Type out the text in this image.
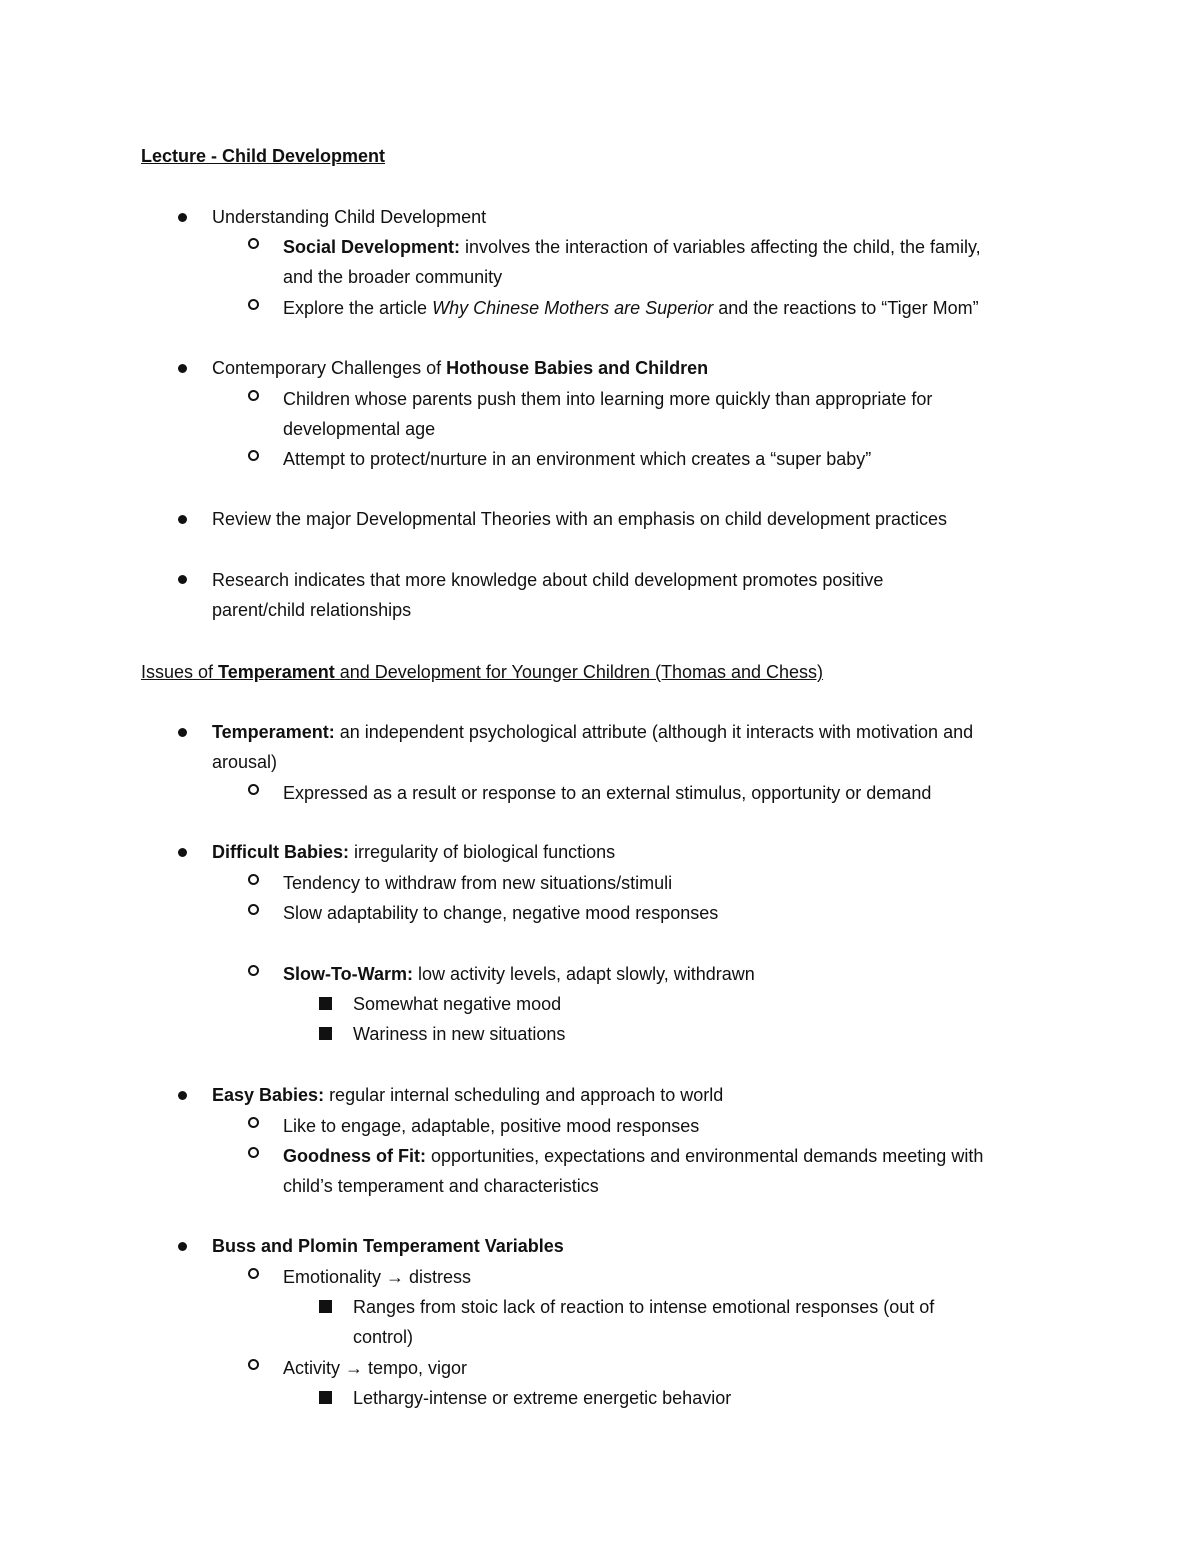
Lecture - Child Development
Understanding Child Development
Social Development: involves the interaction of variables affecting the child, the family,
and the broader community
Explore the article Why Chinese Mothers are Superior and the reactions to “Tiger Mom”
Contemporary Challenges of Hothouse Babies and Children
Children whose parents push them into learning more quickly than appropriate for
developmental age
Attempt to protect/nurture in an environment which creates a “super baby”
Review the major Developmental Theories with an emphasis on child development practices
Research indicates that more knowledge about child development promotes positive
parent/child relationships
Issues of Temperament and Development for Younger Children (Thomas and Chess)
Temperament: an independent psychological attribute (although it interacts with motivation and
arousal)
Expressed as a result or response to an external stimulus, opportunity or demand
Difficult Babies: irregularity of biological functions
Tendency to withdraw from new situations/stimuli
Slow adaptability to change, negative mood responses
Slow-To-Warm: low activity levels, adapt slowly, withdrawn
Somewhat negative mood
Wariness in new situations
Easy Babies: regular internal scheduling and approach to world
Like to engage, adaptable, positive mood responses
Goodness of Fit: opportunities, expectations and environmental demands meeting with
child’s temperament and characteristics
Buss and Plomin Temperament Variables
Emotionality → distress
Ranges from stoic lack of reaction to intense emotional responses (out of
control)
Activity → tempo, vigor
Lethargy-intense or extreme energetic behavior
